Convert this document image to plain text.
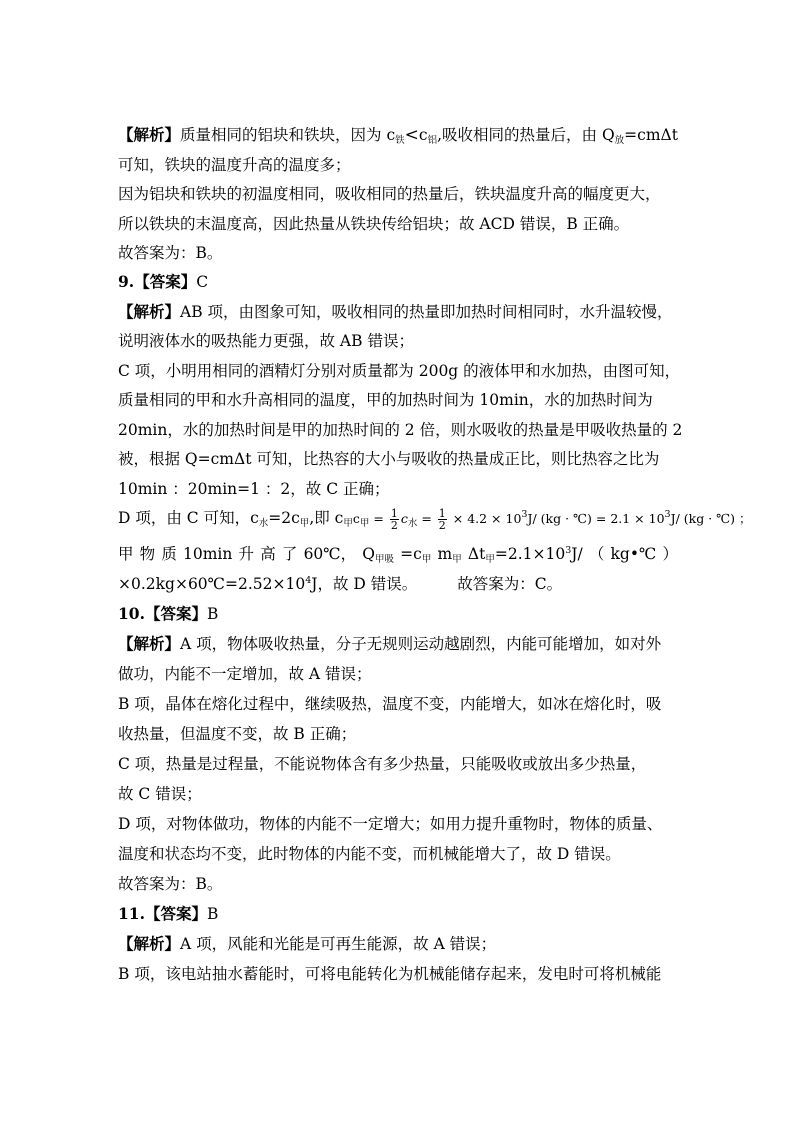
【解析】质量相同的铝块和铁块，因为 $c_铁<c_铝$,吸收相同的热量后，由 $Q_放=cm\Delta t$
可知，铁块的温度升高的温度多；
因为铝块和铁块的初温度相同，吸收相同的热量后，铁块温度升高的幅度更大，
所以铁块的末温度高，因此热量从铁块传给铝块；故 ACD 错误，B 正确。
故答案为：B。
9.【答案】C
【解析】AB 项，由图象可知，吸收相同的热量即加热时间相同时，水升温较慢，
说明液体水的吸热能力更强，故 AB 错误；
C 项，小明用相同的酒精灯分别对质量都为 200g 的液体甲和水加热，由图可知，
质量相同的甲和水升高相同的温度，甲的加热时间为 10min，水的加热时间为
20min，水的加热时间是甲的加热时间的 2 倍，则水吸收的热量是甲吸收热量的 2
被，根据 Q=cmΔt 可知，比热容的大小与吸收的热量成正比，则比热容之比为
10min ：20min=1 ：2，故 C 正确；
D 项，由 C 可知，$c_水=2c_甲$,即 $c_甲c_甲 = \frac{1}{2} c_水 = \frac{1}{2} \times 4.2 \times 10^3J/$ (kg · ℃) = $2.1 \times 10^3J/$ (kg · ℃) ；
甲 物 质 10min 升 高 了 60℃， $Q_{甲吸} =c_甲$ $m_甲$ $\Delta t_甲=2.1\times 10^3J/$ （ kg•℃ ）
$\times 0.2kg\times 60℃=2.52\times 10^4J$，故 D 错误。	故答案为：C。
10.【答案】B
【解析】A 项，物体吸收热量，分子无规则运动越剧烈，内能可能增加，如对外
做功，内能不一定增加，故 A 错误；
B 项，晶体在熔化过程中，继续吸热，温度不变，内能增大，如冰在熔化时，吸
收热量，但温度不变，故 B 正确；
C 项，热量是过程量，不能说物体含有多少热量，只能吸收或放出多少热量，
故 C 错误；
D 项，对物体做功，物体的内能不一定增大；如用力提升重物时，物体的质量、
温度和状态均不变，此时物体的内能不变，而机械能增大了，故 D 错误。
故答案为：B。
11.【答案】B
【解析】A 项，风能和光能是可再生能源，故 A 错误；
B 项，该电站抽水蓄能时，可将电能转化为机械能储存起来，发电时可将机械能
